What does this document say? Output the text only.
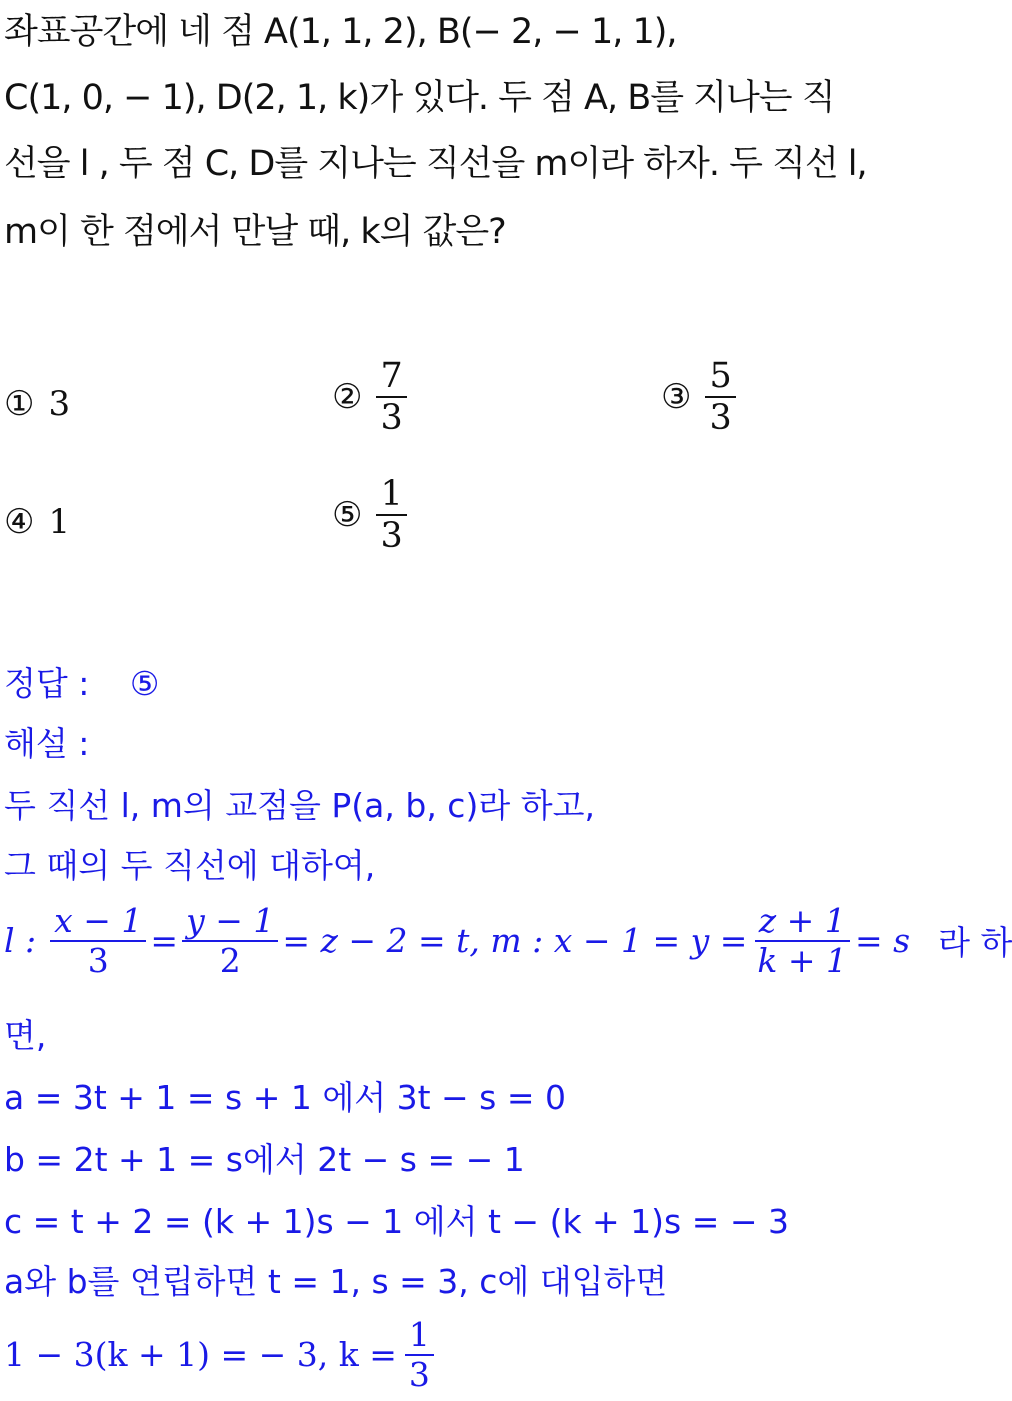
좌표공간에 네 점 A(1, 1, 2), B(− 2, − 1, 1),
C(1, 0, − 1), D(2, 1, k)가 있다. 두 점 A, B를 지나는 직
선을 l , 두 점 C, D를 지나는 직선을 m이라 하자. 두 직선 l,
m이 한 점에서 만날 때, k의 값은?
① 3	② $\frac{7}{3}$	③ $\frac{5}{3}$
④ 1	⑤ $\frac{1}{3}$
정답 : ⑤
해설 :
두 직선 l, m의 교점을 P(a, b, c)라 하고,
그 때의 두 직선에 대하여,
l : $\frac{x - 1}{3} = \frac{y - 1}{2} = z - 2 = t$, m : $x - 1 = y = \frac{z + 1}{k + 1} = s$ 라 하
면,
a = 3t + 1 = s + 1 에서 3t − s = 0
b = 2t + 1 = s에서 2t − s = − 1
c = t + 2 = (k + 1)s − 1 에서 t − (k + 1)s = − 3
a와 b를 연립하면 t = 1, s = 3, c에 대입하면
1 − 3(k + 1) = − 3, $k = \frac{1}{3}$
